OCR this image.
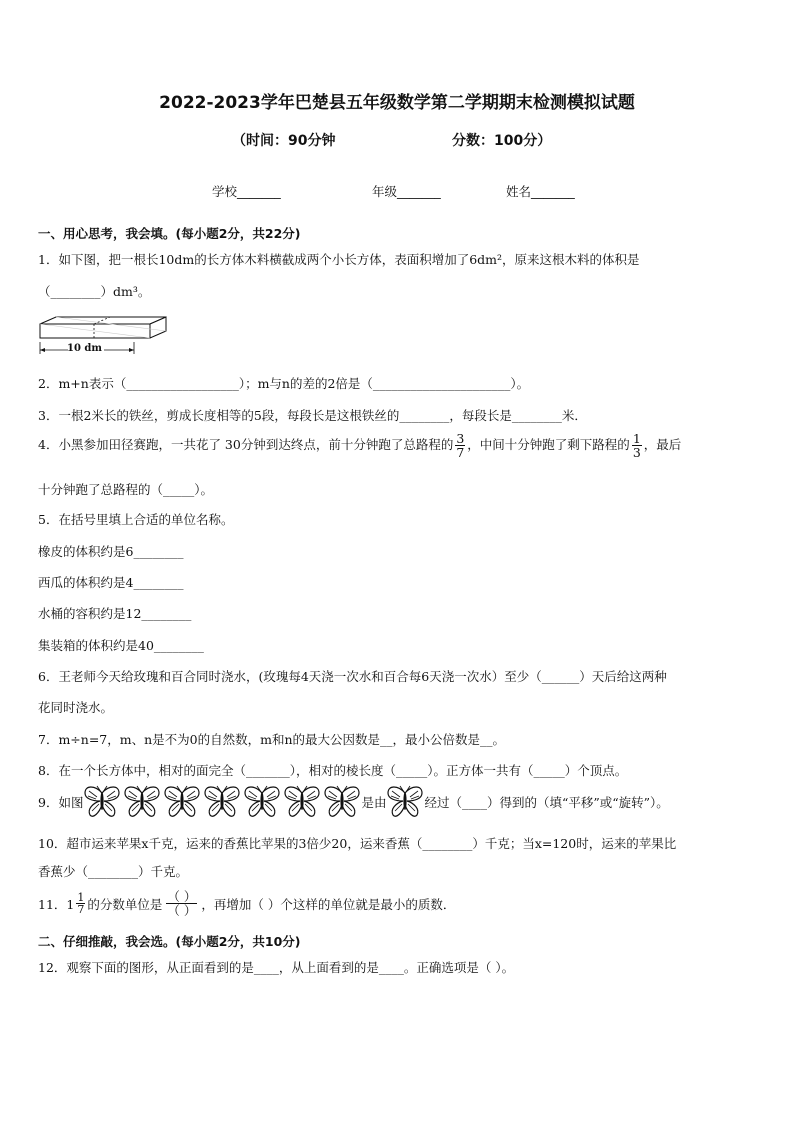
2022-2023学年巴楚县五年级数学第二学期期末检测模拟试题
（时间：90分钟	分数：100分）
学校_______	年级_______	姓名_______
一、用心思考，我会填。(每小题2分，共22分)
1．如下图，把一根长10dm的长方体木料横截成两个小长方体，表面积增加了6dm²，原来这根木料的体积是
（________）dm³。
10 dm
2．m+n表示（__________________）；m与n的差的2倍是（______________________）。
3．一根2米长的铁丝，剪成长度相等的5段，每段长是这根铁丝的________，每段长是________米．
4．小黑参加田径赛跑，一共花了 30分钟到达终点，前十分钟跑了总路程的 $\frac{3}{7}$ ，中间十分钟跑了剩下路程的 $\frac{1}{3}$ ，最后
十分钟跑了总路程的（_____）。
5．在括号里填上合适的单位名称。
橡皮的体积约是6________
西瓜的体积约是4________
水桶的容积约是12________
集装箱的体积约是40________
6．王老师今天给玫瑰和百合同时浇水，(玫瑰每4天浇一次水和百合每6天浇一次水）至少（______）天后给这两种
花同时浇水。
7．m÷n=7，m、n是不为0的自然数，m和n的最大公因数是__，最小公倍数是__。
8．在一个长方体中，相对的面完全（_______），相对的棱长度（_____）。正方体一共有（_____）个顶点。
9．如图	是由	经过（____）得到的（填“平移”或“旋转”）。
10．超市运来苹果x千克，运来的香蕉比苹果的3倍少20，运来香蕉（________）千克；当x=120时，运来的苹果比
香蕉少（________）千克。
11．$1 \frac{1}{7}$ 的分数单位是 $\frac{( )}{( )}$ ，再增加（ ）个这样的单位就是最小的质数．
二、仔细推敲，我会选。(每小题2分，共10分)
12．观察下面的图形，从正面看到的是____，从上面看到的是____。正确选项是（ ）。
